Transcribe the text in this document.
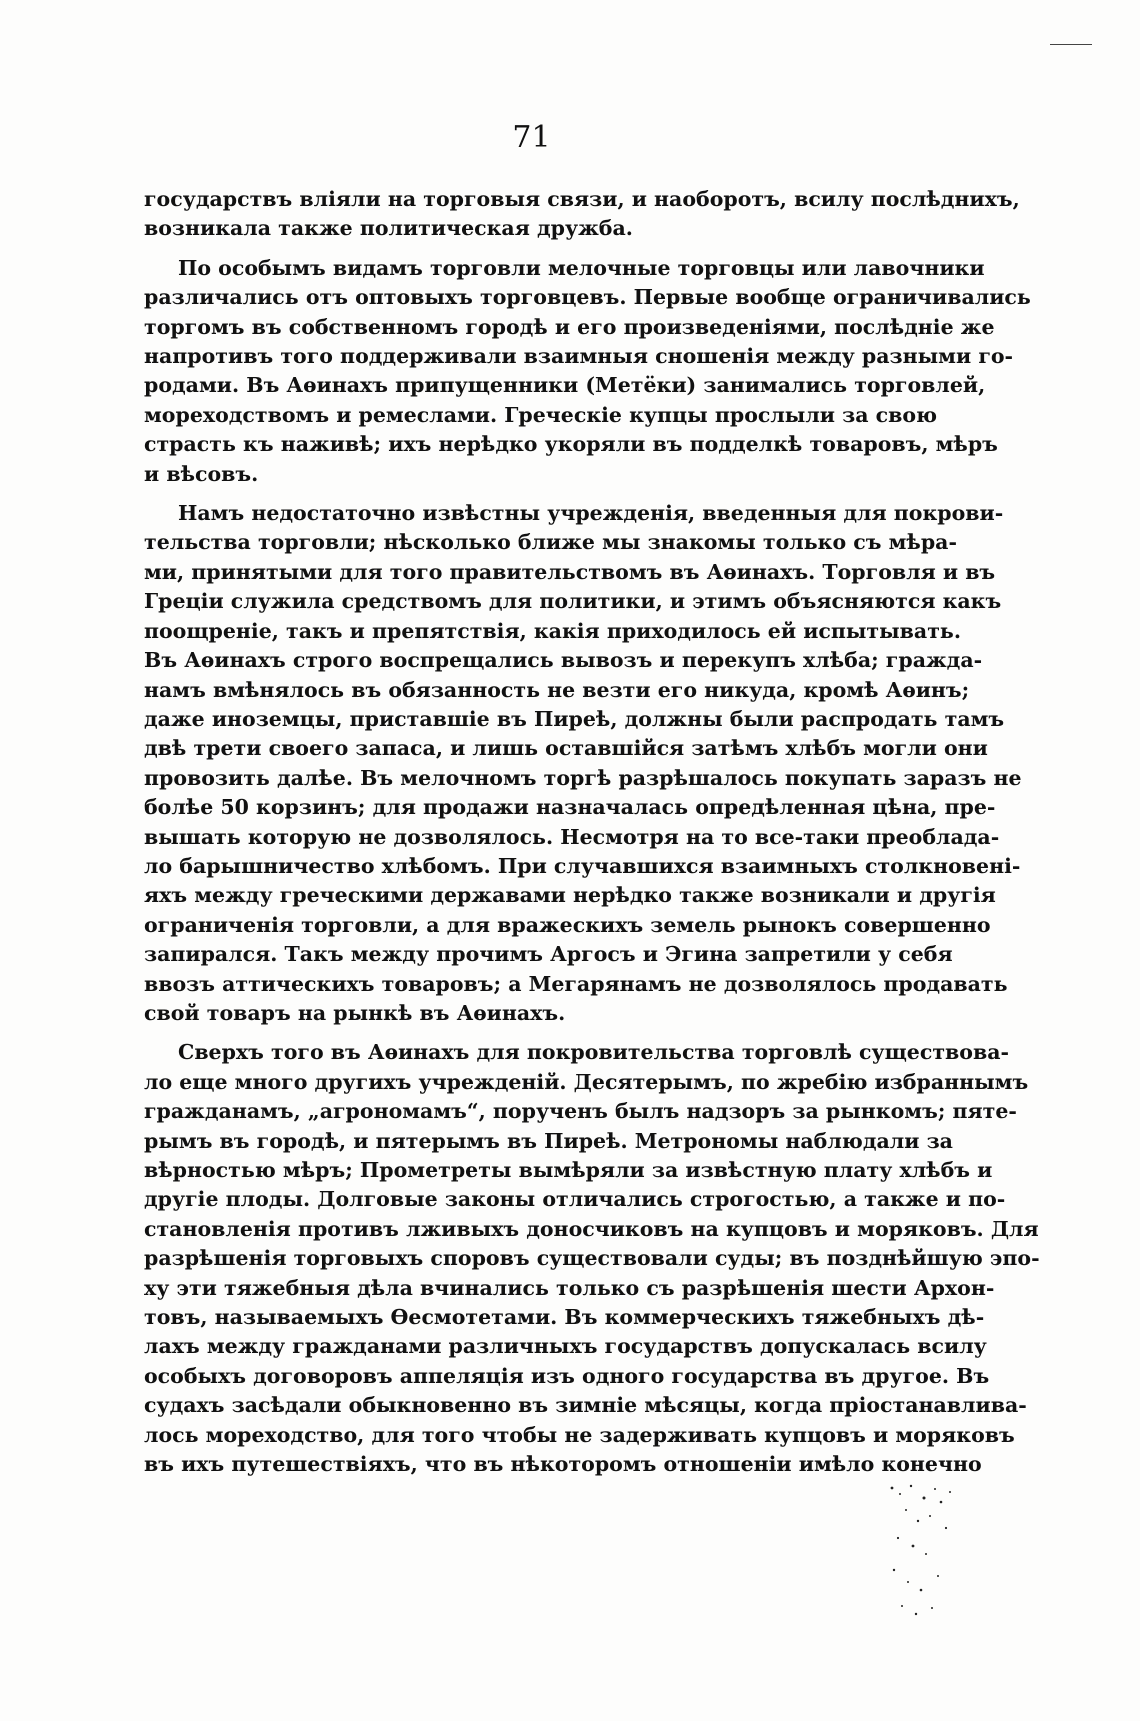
71
государствъ вліяли на торговыя связи, и наоборотъ, всилу послѣднихъ,
возникала также политическая дружба.
По особымъ видамъ торговли мелочные торговцы или лавочники
различались отъ оптовыхъ торговцевъ. Первые вообще ограничивались
торгомъ въ собственномъ городѣ и его произведеніями, послѣдніе же
напротивъ того поддерживали взаимныя сношенія между разными го-
родами. Въ Аѳинахъ припущенники (Метёки) занимались торговлей,
мореходствомъ и ремеслами. Греческіе купцы прослыли за свою
страсть къ наживѣ; ихъ нерѣдко укоряли въ подделкѣ товаровъ, мѣръ
и вѣсовъ.
Намъ недостаточно извѣстны учрежденія, введенныя для покрови-
тельства торговли; нѣсколько ближе мы знакомы только съ мѣра-
ми, принятыми для того правительствомъ въ Аѳинахъ. Торговля и въ
Греціи служила средствомъ для политики, и этимъ объясняются какъ
поощреніе, такъ и препятствія, какія приходилось ей испытывать.
Въ Аѳинахъ строго воспрещались вывозъ и перекупъ хлѣба; гражда-
намъ вмѣнялось въ обязанность не везти его никуда, кромѣ Аѳинъ;
даже иноземцы, приставшіе въ Пиреѣ, должны были распродать тамъ
двѣ трети своего запаса, и лишь оставшійся затѣмъ хлѣбъ могли они
провозить далѣе. Въ мелочномъ торгѣ разрѣшалось покупать заразъ не
болѣе 50 корзинъ; для продажи назначалась опредѣленная цѣна, пре-
вышать которую не дозволялось. Несмотря на то все-таки преоблада-
ло барышничество хлѣбомъ. При случавшихся взаимныхъ столкновені-
яхъ между греческими державами нерѣдко также возникали и другія
ограниченія торговли, а для вражескихъ земель рынокъ совершенно
запирался. Такъ между прочимъ Аргосъ и Эгина запретили у себя
ввозъ аттическихъ товаровъ; а Мегарянамъ не дозволялось продавать
свой товаръ на рынкѣ въ Аѳинахъ.
Сверхъ того въ Аѳинахъ для покровительства торговлѣ существова-
ло еще много другихъ учрежденій. Десятерымъ, по жребію избраннымъ
гражданамъ, „агрономамъ“, порученъ былъ надзоръ за рынкомъ; пяте-
рымъ въ городѣ, и пятерымъ въ Пиреѣ. Метрономы наблюдали за
вѣрностью мѣръ; Прометреты вымѣряли за извѣстную плату хлѣбъ и
другіе плоды. Долговые законы отличались строгостью, а также и по-
становленія противъ лживыхъ доносчиковъ на купцовъ и моряковъ. Для
разрѣшенія торговыхъ споровъ существовали суды; въ позднѣйшую эпо-
ху эти тяжебныя дѣла вчинались только съ разрѣшенія шести Архон-
товъ, называемыхъ Ѳесмотетами. Въ коммерческихъ тяжебныхъ дѣ-
лахъ между гражданами различныхъ государствъ допускалась всилу
особыхъ договоровъ аппеляція изъ одного государства въ другое. Въ
судахъ засѣдали обыкновенно въ зимніе мѣсяцы, когда пріостанавлива-
лось мореходство, для того чтобы не задерживать купцовъ и моряковъ
въ ихъ путешествіяхъ, что въ нѣкоторомъ отношеніи имѣло конечно
